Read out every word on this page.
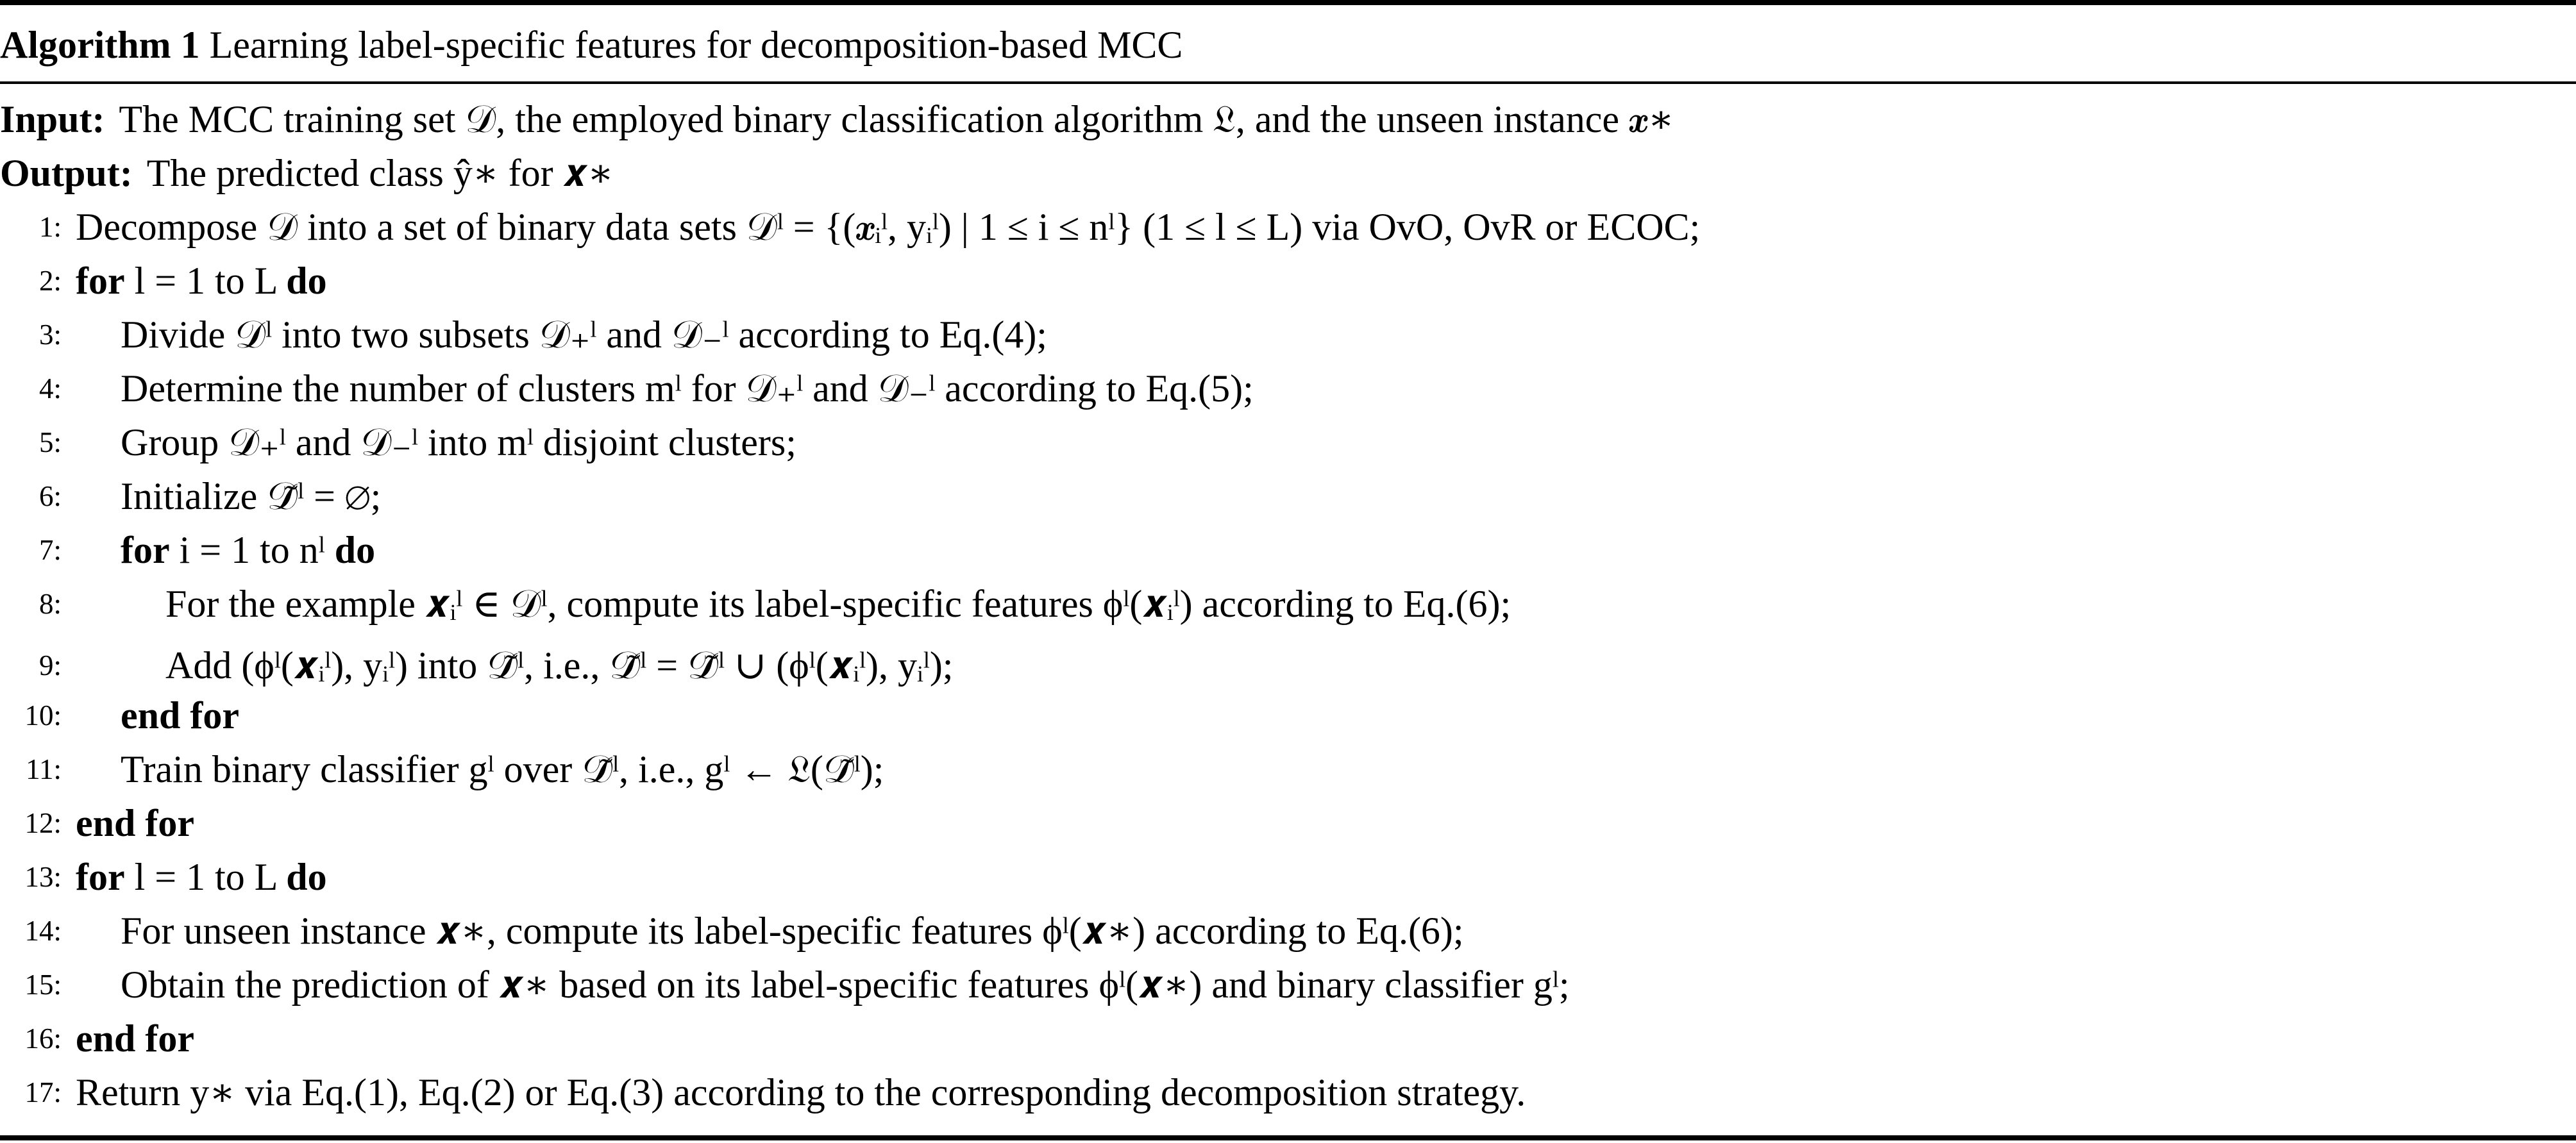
Algorithm 1 Learning label-specific features for decomposition-based MCC
Input: The MCC training set 𝒟, the employed binary classification algorithm 𝔏, and the unseen instance 𝒙∗
Output: The predicted class ŷ∗ for 𝒙∗
1: Decompose 𝒟 into a set of binary data sets 𝒟ˡ = {(𝒙ᵢˡ, yᵢˡ) | 1 ≤ i ≤ nˡ} (1 ≤ l ≤ L) via OvO, OvR or ECOC;
2: for l = 1 to L do
3: Divide 𝒟ˡ into two subsets 𝒟₊ˡ and 𝒟₋ˡ according to Eq.(4);
4: Determine the number of clusters mˡ for 𝒟₊ˡ and 𝒟₋ˡ according to Eq.(5);
5: Group 𝒟₊ˡ and 𝒟₋ˡ into mˡ disjoint clusters;
6: Initialize 𝒟̃ˡ = ∅;
7: for i = 1 to nˡ do
8:	For the example 𝒙ᵢˡ ∈ 𝒟ˡ, compute its label-specific features ϕˡ(𝒙ᵢˡ) according to Eq.(6);
9:	Add (ϕˡ(𝒙ᵢˡ), yᵢˡ) into 𝒟̃ˡ, i.e., 𝒟̃ˡ = 𝒟̃ˡ ∪ (ϕˡ(𝒙ᵢˡ), yᵢˡ);
10: end for
11: Train binary classifier gˡ over 𝒟̃ˡ, i.e., gˡ ← 𝔏(𝒟̃ˡ);
12: end for
13: for l = 1 to L do
14: For unseen instance 𝒙∗, compute its label-specific features ϕˡ(𝒙∗) according to Eq.(6);
15: Obtain the prediction of 𝒙∗ based on its label-specific features ϕˡ(𝒙∗) and binary classifier gˡ;
16: end for
17: Return y∗ via Eq.(1), Eq.(2) or Eq.(3) according to the corresponding decomposition strategy.
